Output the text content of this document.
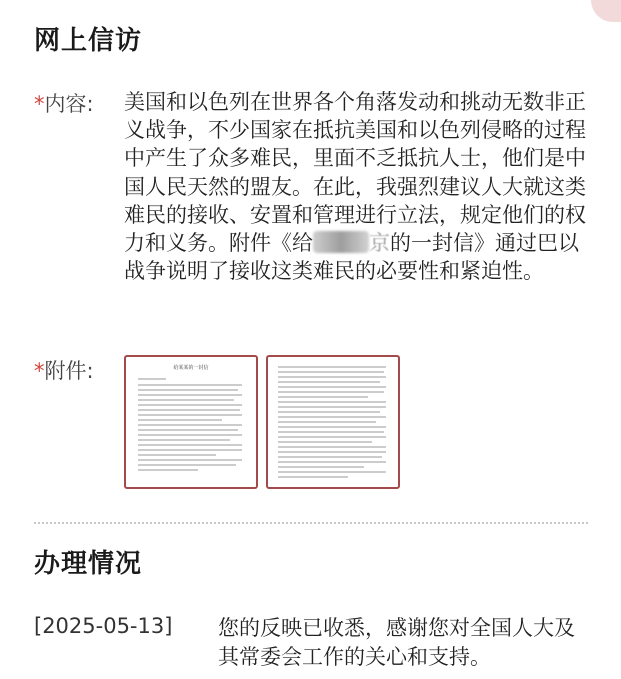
网上信访
*内容: 美国和以色列在世界各个角落发动和挑动无数非正义战争，不少国家在抵抗美国和以色列侵略的过程中产生了众多难民，里面不乏抵抗人士，他们是中国人民天然的盟友。在此，我强烈建议人大就这类难民的接收、安置和管理进行立法，规定他们的权力和义务。附件《给	京的一封信》通过巴以战争说明了接收这类难民的必要性和紧迫性。
*附件:	给某某的一封信
办理情况
[2025-05-13] 您的反映已收悉，感谢您对全国人大及其常委会工作的关心和支持。
